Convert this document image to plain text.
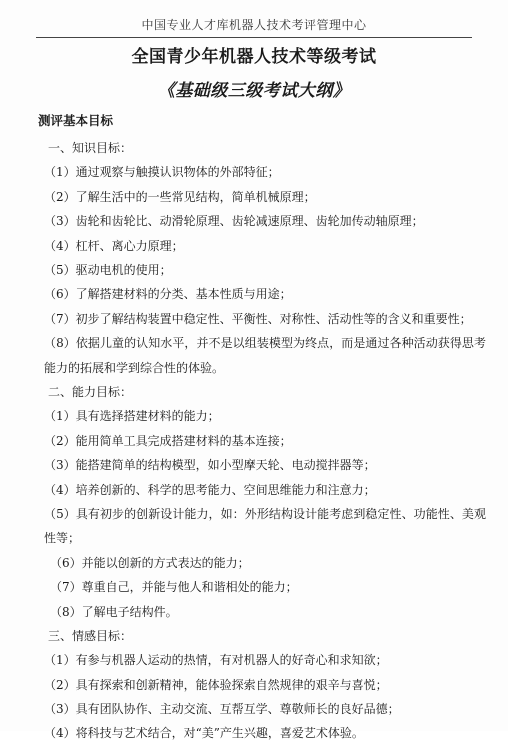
中国专业人才库机器人技术考评管理中心
全国青少年机器人技术等级考试
《基础级三级考试大纲》
测评基本目标
一、知识目标：
（1）通过观察与触摸认识物体的外部特征；
（2）了解生活中的一些常见结构，简单机械原理；
（3）齿轮和齿轮比、动滑轮原理、齿轮减速原理、齿轮加传动轴原理；
（4）杠杆、离心力原理；
（5）驱动电机的使用；
（6）了解搭建材料的分类、基本性质与用途；
（7）初步了解结构装置中稳定性、平衡性、对称性、活动性等的含义和重要性；
（8）依据儿童的认知水平，并不是以组装模型为终点，而是通过各种活动获得思考能力的拓展和学到综合性的体验。
二、能力目标：
（1）具有选择搭建材料的能力；
（2）能用简单工具完成搭建材料的基本连接；
（3）能搭建简单的结构模型，如小型摩天轮、电动搅拌器等；
（4）培养创新的、科学的思考能力、空间思维能力和注意力；
（5）具有初步的创新设计能力，如：外形结构设计能考虑到稳定性、功能性、美观性等；
（6）并能以创新的方式表达的能力；
（7）尊重自己，并能与他人和谐相处的能力；
（8）了解电子结构件。
三、情感目标：
（1）有参与机器人运动的热情，有对机器人的好奇心和求知欲；
（2）具有探索和创新精神，能体验探索自然规律的艰辛与喜悦；
（3）具有团队协作、主动交流、互帮互学、尊敬师长的良好品德；
（4）将科技与艺术结合，对“美”产生兴趣，喜爱艺术体验。
